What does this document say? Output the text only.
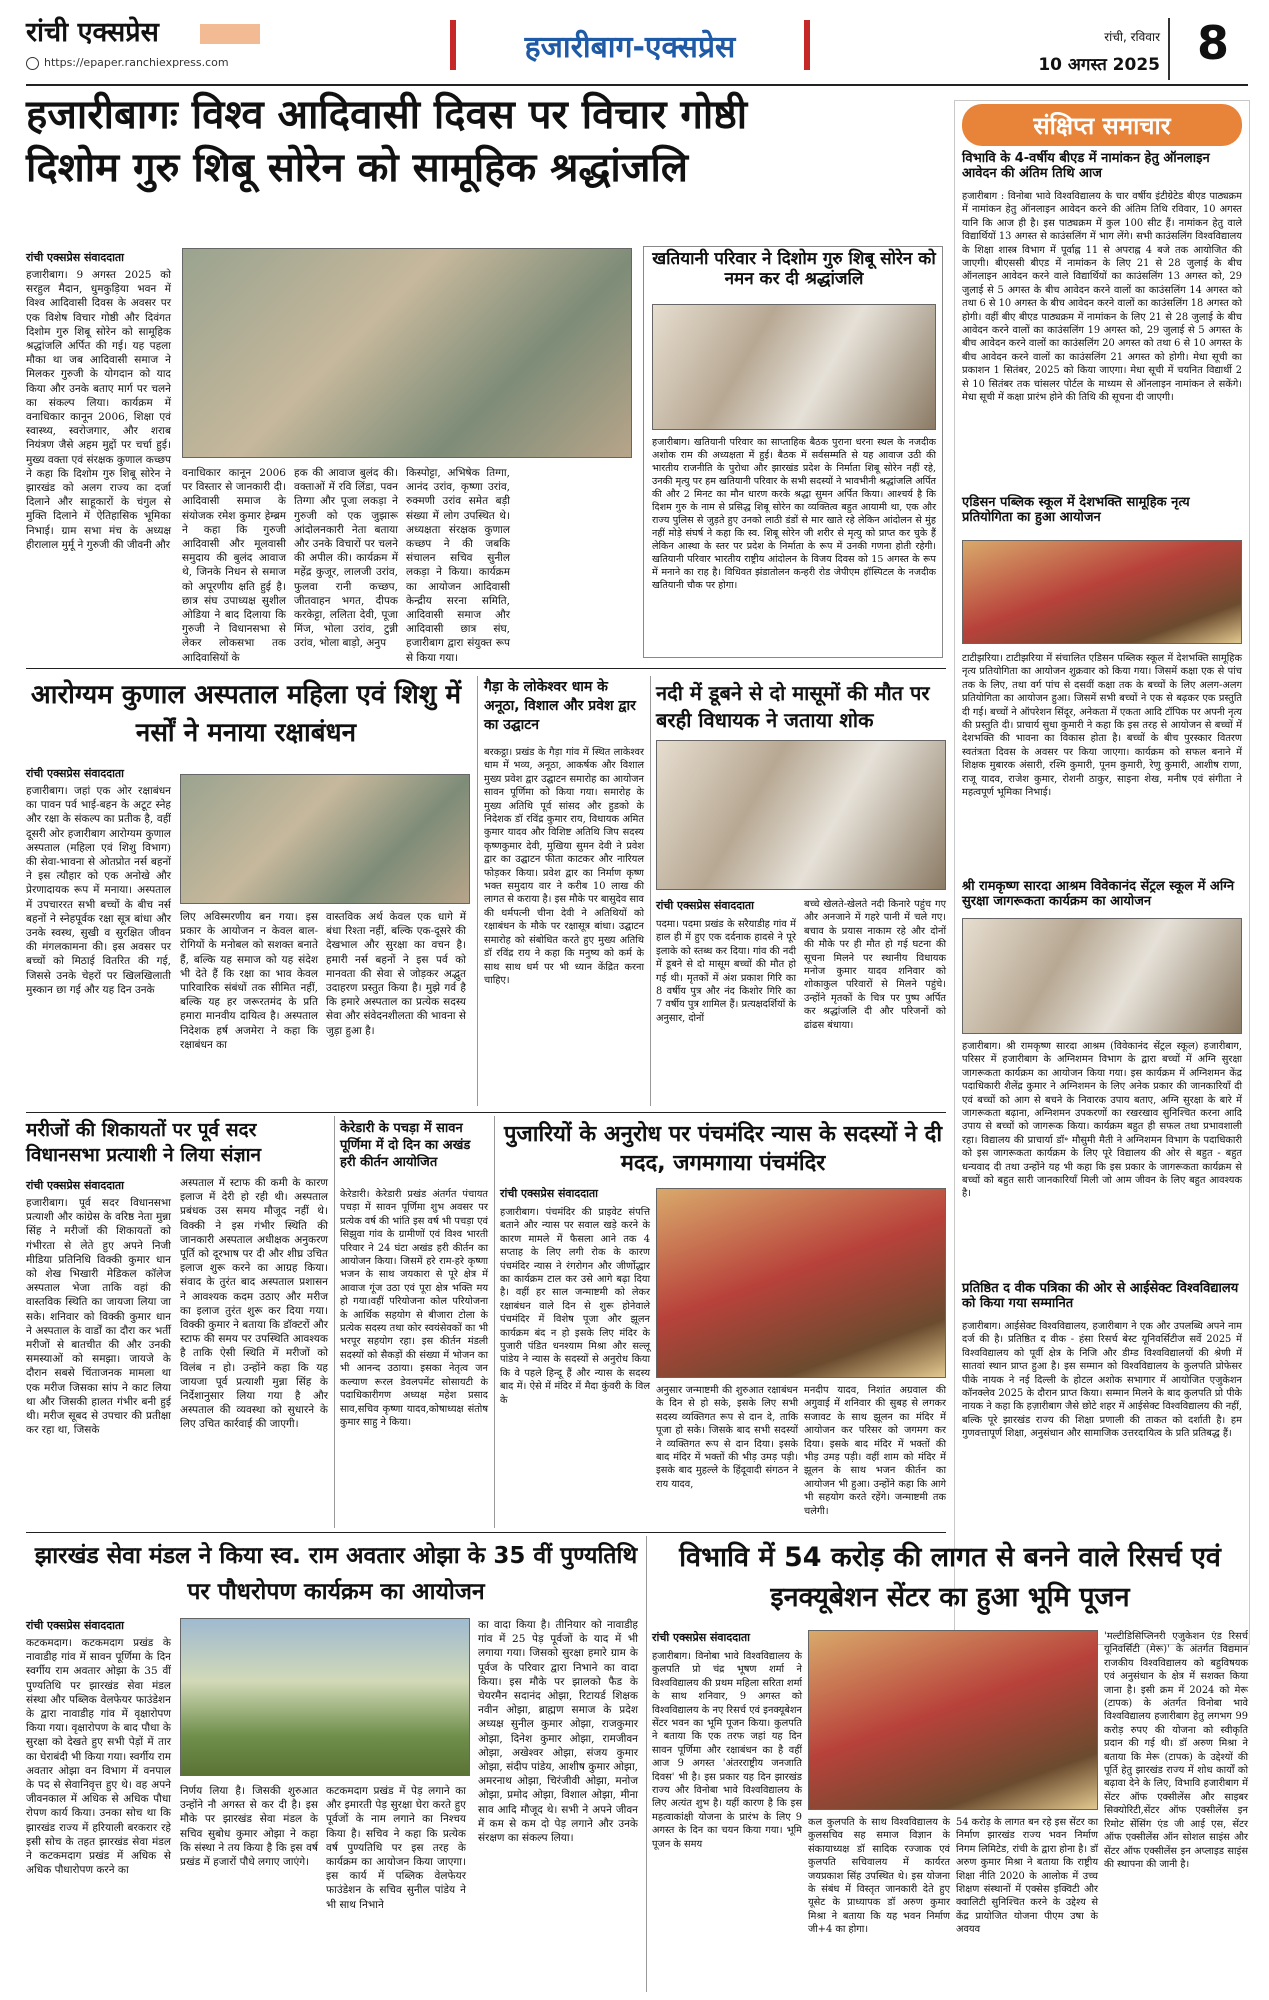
रांची एक्सप्रेस
https://epaper.ranchiexpress.com	हजारीबाग-एक्सप्रेस	रांची, रविवार
10 अगस्त 2025 8
हजारीबागः विश्व आदिवासी दिवस पर विचार गोष्ठी
दिशोम गुरु शिबू सोरेन को सामूहिक श्रद्धांजलि
रांची एक्सप्रेस संवाददाता
हजारीबाग। 9 अगस्त 2025 को सरहुल मैदान, धुमकुड़िया भवन में विश्व आदिवासी दिवस के अवसर पर एक विशेष विचार गोष्ठी और दिवंगत दिशोम गुरु शिबू सोरेन को सामूहिक श्रद्धांजलि अर्पित की गई। यह पहला मौका था जब आदिवासी समाज ने मिलकर गुरुजी के योगदान को याद किया और उनके बताए मार्ग पर चलने का संकल्प लिया। कार्यक्रम में वनाधिकार कानून 2006, शिक्षा एवं स्वास्थ्य, स्वरोजगार, और शराब नियंत्रण जैसे अहम मुद्दों पर चर्चा हुई। मुख्य वक्ता एवं संरक्षक कुणाल कच्छप ने कहा कि दिशोम गुरु शिबू सोरेन ने झारखंड को अलग राज्य का दर्जा दिलाने और साहूकारों के चंगुल से मुक्ति दिलाने में ऐतिहासिक भूमिका निभाई। ग्राम सभा मंच के अध्यक्ष हीरालाल मुर्मू ने गुरुजी की जीवनी और
वनाधिकार कानून 2006 पर विस्तार से जानकारी दी। आदिवासी समाज के संयोजक रमेश कुमार हेम्ब्रम ने कहा कि गुरुजी आदिवासी और मूलवासी समुदाय की बुलंद आवाज थे, जिनके निधन से समाज को अपूरणीय क्षति हुई है। छात्र संघ उपाध्यक्ष सुशील ओडिया ने बाद दिलाया कि गुरुजी ने विधानसभा से लेकर लोकसभा तक आदिवासियों के
हक की आवाज बुलंद की। वक्ताओं में रवि लिंडा, पवन तिग्गा और पूजा लकड़ा ने गुरुजी को एक जुझारू आंदोलनकारी नेता बताया और उनके विचारों पर चलने की अपील की। कार्यक्रम में महेंद्र कुजूर, लालजी उरांव, फुलवा रानी कच्छप, जीतवाहन भगत, दीपक करकेट्टा, ललिता देवी, पूजा मिंज, भोला उरांव, टुन्नी उरांव, भोला बाड़ो, अनुप
किस्पोट्टा, अभिषेक तिग्गा, आनंद उरांव, कृष्णा उरांव, रुक्मणी उरांव समेत बड़ी संख्या में लोग उपस्थित थे। अध्यक्षता संरक्षक कुणाल कच्छप ने की जबकि संचालन सचिव सुनील लकड़ा ने किया। कार्यक्रम का आयोजन आदिवासी केन्द्रीय सरना समिति, आदिवासी समाज और आदिवासी छात्र संघ, हजारीबाग द्वारा संयुक्त रूप से किया गया।
खतियानी परिवार ने दिशोम गुरु शिबू सोरेन को नमन कर दी श्रद्धांजलि
हजारीबाग। खतियानी परिवार का साप्ताहिक बैठक पुराना धरना स्थल के नजदीक अशोक राम की अध्यक्षता में हुई। बैठक में सर्वसम्मति से यह आवाज उठी की भारतीय राजनीति के पुरोधा और झारखंड प्रदेश के निर्माता शिबू सोरेन नहीं रहे, उनकी मृत्यु पर हम खतियानी परिवार के सभी सदस्यों ने भावभीनी श्रद्धांजलि अर्पित की और 2 मिनट का मौन धारण करके श्रद्धा सुमन अर्पित किया। आश्चर्य है कि दिशम गुरु के नाम से प्रसिद्ध शिबू सोरेन का व्यक्तित्व बहुत आयामी था, एक और राज्य पुलिस से जुड़ते हुए उनको लाठी डंडों से मार खाते रहे लेकिन आंदोलन से मुंह नहीं मोड़े संघर्ष ने कहा कि स्व. शिबू सोरेन जी शरीर से मृत्यु को प्राप्त कर चुके हैं लेकिन आस्था के स्तर पर प्रदेश के निर्माता के रूप में उनकी गणना होती रहेगी। खतियानी परिवार भारतीय राष्ट्रीय आंदोलन के विजय दिवस को 15 अगस्त के रूप में मनाने का राह है। विधिवत झंडातोलन कन्हरी रोड जेपीएम हॉस्पिटल के नजदीक खतियानी चौक पर होगा।
संक्षिप्त समाचार
विभावि के 4-वर्षीय बीएड में नामांकन हेतु ऑनलाइन आवेदन की अंतिम तिथि आज
हजारीबाग : विनोबा भावे विश्वविद्यालय के चार वर्षीय इंटीग्रेटेड बीएड पाठ्यक्रम में नामांकन हेतु ऑनलाइन आवेदन करने की अंतिम तिथि रविवार, 10 अगस्त यानि कि आज ही है। इस पाठ्यक्रम में कुल 100 सीट हैं। नामांकन हेतु वाले विद्यार्थियों 13 अगस्त से काउंसलिंग में भाग लेंगे। सभी काउंसलिंग विश्वविद्यालय के शिक्षा शास्त्र विभाग में पूर्वाह्न 11 से अपराह्न 4 बजे तक आयोजित की जाएगी। बीएससी बीएड में नामांकन के लिए 21 से 28 जुलाई के बीच ऑनलाइन आवेदन करने वाले विद्यार्थियों का काउंसलिंग 13 अगस्त को, 29 जुलाई से 5 अगस्त के बीच आवेदन करने वालों का काउंसलिंग 14 अगस्त को तथा 6 से 10 अगस्त के बीच आवेदन करने वालों का काउंसलिंग 18 अगस्त को होगी। वहीं बीए बीएड पाठ्यक्रम में नामांकन के लिए 21 से 28 जुलाई के बीच आवेदन करने वालों का काउंसलिंग 19 अगस्त को, 29 जुलाई से 5 अगस्त के बीच आवेदन करने वालों का काउंसलिंग 20 अगस्त को तथा 6 से 10 अगस्त के बीच आवेदन करने वालों का काउंसलिंग 21 अगस्त को होगी। मेधा सूची का प्रकाशन 1 सितंबर, 2025 को किया जाएगा। मेधा सूची में चयनित विद्यार्थी 2 से 10 सितंबर तक चांसलर पोर्टल के माध्यम से ऑनलाइन नामांकन ले सकेंगे। मेधा सूची में कक्षा प्रारंभ होने की तिथि की सूचना दी जाएगी।
एडिसन पब्लिक स्कूल में देशभक्ति सामूहिक नृत्य प्रतियोगिता का हुआ आयोजन
टाटीझरिया। टाटीझरिया में संचालित एडिसन पब्लिक स्कूल में देशभक्ति सामूहिक नृत्य प्रतियोगिता का आयोजन शुक्रवार को किया गया। जिसमें कक्षा एक से पांच तक के लिए, तथा वर्ग पांच से दसवीं कक्षा तक के बच्चों के लिए अलग-अलग प्रतियोगिता का आयोजन हुआ। जिसमें सभी बच्चों ने एक से बढ़कर एक प्रस्तुति दी गई। बच्चों ने ऑपरेशन सिंदूर, अनेकता में एकता आदि टॉपिक पर अपनी नृत्य की प्रस्तुति दी। प्राचार्य सुधा कुमारी ने कहा कि इस तरह से आयोजन से बच्चों में देशभक्ति की भावना का विकास होता है। बच्चों के बीच पुरस्कार वितरण स्वतंत्रता दिवस के अवसर पर किया जाएगा। कार्यक्रम को सफल बनाने में शिक्षक मुबारक अंसारी, रश्मि कुमारी, पूनम कुमारी, रेणु कुमारी, आशीष राणा, राजू यादव, राजेश कुमार, रोशनी ठाकुर, साइना शेख, मनीष एवं संगीता ने महत्वपूर्ण भूमिका निभाई।
श्री रामकृष्ण सारदा आश्रम विवेकानंद सेंट्रल स्कूल में अग्नि सुरक्षा जागरूकता कार्यक्रम का आयोजन
हजारीबाग। श्री रामकृष्ण सारदा आश्रम (विवेकानंद सेंट्रल स्कूल) हजारीबाग, परिसर में हजारीबाग के अग्निशमन विभाग के द्वारा बच्चों में अग्नि सुरक्षा जागरूकता कार्यक्रम का आयोजन किया गया। इस कार्यक्रम में अग्निशमन केंद्र पदाधिकारी शैलेंद्र कुमार ने अग्निशमन के लिए अनेक प्रकार की जानकारियाँ दी एवं बच्चों को आग से बचने के निवारक उपाय बताए, अग्नि सुरक्षा के बारे में जागरूकता बढ़ाना, अग्निशमन उपकरणों का रखरखाव सुनिश्चित करना आदि उपाय से बच्चों को जागरूक किया। कार्यक्रम बहुत ही सफल तथा प्रभावशाली रहा। विद्यालय की प्राचार्या डॉ॰ मौसुमी मैती ने अग्निशमन विभाग के पदाधिकारी को इस जागरूकता कार्यक्रम के लिए पूरे विद्यालय की ओर से बहुत - बहुत धन्यवाद दी तथा उन्होंने यह भी कहा कि इस प्रकार के जागरूकता कार्यक्रम से बच्चों को बहुत सारी जानकारियाँ मिली जो आम जीवन के लिए बहुत आवश्यक है।
प्रतिष्ठित द वीक पत्रिका की ओर से आईसेक्ट विश्वविद्यालय को किया गया सम्मानित
हजारीबाग। आईसेक्ट विश्वविद्यालय, हजारीबाग ने एक और उपलब्धि अपने नाम दर्ज की है। प्रतिष्ठित द वीक - हंसा रिसर्च बेस्ट यूनिवर्सिटीज सर्वे 2025 में विश्वविद्यालय को पूर्वी क्षेत्र के निजि और डीम्ड विश्वविद्यालयों की श्रेणी में सातवां स्थान प्राप्त हुआ है। इस सम्मान को विश्वविद्यालय के कुलपति प्रोफेसर पीके नायक ने नई दिल्ली के होटल अशोक सभागार में आयोजित एजुकेशन कॉनक्लेव 2025 के दौरान प्राप्त किया। सम्मान मिलने के बाद कुलपति प्रो पीके नायक ने कहा कि हज़ारीबाग जैसे छोटे शहर में आईसेक्ट विश्वविद्यालय की नहीं, बल्कि पूरे झारखंड राज्य की शिक्षा प्रणाली की ताकत को दर्शाती है। हम गुणवत्तापूर्ण शिक्षा, अनुसंधान और सामाजिक उत्तरदायित्व के प्रति प्रतिबद्ध हैं।
आरोग्यम कुणाल अस्पताल महिला एवं शिशु में नर्सों ने मनाया रक्षाबंधन
रांची एक्सप्रेस संवाददाता
हजारीबाग। जहां एक ओर रक्षाबंधन का पावन पर्व भाई-बहन के अटूट स्नेह और रक्षा के संकल्प का प्रतीक है, वहीं दूसरी ओर हजारीबाग आरोग्यम कुणाल अस्पताल (महिला एवं शिशु विभाग) की सेवा-भावना से ओतप्रोत नर्स बहनों ने इस त्यौहार को एक अनोखे और प्रेरणादायक रूप में मनाया। अस्पताल में उपचाररत सभी बच्चों के बीच नर्स बहनों ने स्नेहपूर्वक रक्षा सूत्र बांधा और उनके स्वस्थ, सुखी व सुरक्षित जीवन की मंगलकामना की। इस अवसर पर बच्चों को मिठाई वितरित की गई, जिससे उनके चेहरों पर खिलखिलाती मुस्कान छा गई और यह दिन उनके
लिए अविस्मरणीय बन गया। इस प्रकार के आयोजन न केवल बाल-रोगियों के मनोबल को सशक्त बनाते हैं, बल्कि यह समाज को यह संदेश भी देते हैं कि रक्षा का भाव केवल पारिवारिक संबंधों तक सीमित नहीं, बल्कि यह हर जरूरतमंद के प्रति हमारा मानवीय दायित्व है। अस्पताल निदेशक हर्ष अजमेरा ने कहा कि रक्षाबंधन का
वास्तविक अर्थ केवल एक धागे में बंधा रिश्ता नहीं, बल्कि एक-दूसरे की देखभाल और सुरक्षा का वचन है। हमारी नर्स बहनों ने इस पर्व को मानवता की सेवा से जोड़कर अद्भुत उदाहरण प्रस्तुत किया है। मुझे गर्व है कि हमारे अस्पताल का प्रत्येक सदस्य सेवा और संवेदनशीलता की भावना से जुड़ा हुआ है।
गैड़ा के लोकेश्वर धाम के अनूठा, विशाल और प्रवेश द्वार का उद्घाटन
बरकट्ठा। प्रखंड के गैड़ा गांव में स्थित लाकेश्वर धाम में भव्य, अनूठा, आकर्षक और विशाल मुख्य प्रवेश द्वार उद्घाटन समारोह का आयोजन सावन पूर्णिमा को किया गया। समारोह के मुख्य अतिथि पूर्व सांसद और हुडको के निदेशक डॉ रविंद्र कुमार राय, विधायक अमित कुमार यादव और विशिष्ट अतिथि जिप सदस्य कृष्णकुमार देवी, मुखिया सुमन देवी ने प्रवेश द्वार का उद्घाटन फीता काटकर और नारियल फोड़कर किया। प्रवेश द्वार का निर्माण कृष्ण भक्त समुदाय वार ने करीब 10 लाख की लागत से कराया है। इस मौके पर बासुदेव साव की धर्मपत्नी चीना देवी ने अतिथियों को रक्षाबंधन के मौके पर रक्षासूत्र बांधा। उद्घाटन समारोह को संबोधित करते हुए मुख्य अतिथि डॉ रविंद्र राय ने कहा कि मनुष्य को कर्म के साथ साथ धर्म पर भी ध्यान केंद्रित करना चाहिए।
नदी में डूबने से दो मासूमों की मौत पर बरही विधायक ने जताया शोक
रांची एक्सप्रेस संवाददाता
पदमा। पदमा प्रखंड के सरैयाडीह गांव में हाल ही में हुए एक दर्दनाक हादसे ने पूरे इलाके को स्तब्ध कर दिया। गांव की नदी में डूबने से दो मासूम बच्चों की मौत हो गई थी। मृतकों में अंश प्रकाश गिरि का 8 वर्षीय पुत्र और नंद किशोर गिरि का 7 वर्षीय पुत्र शामिल हैं। प्रत्यक्षदर्शियों के अनुसार, दोनों
बच्चे खेलते-खेलते नदी किनारे पहुंच गए और अनजाने में गहरे पानी में चले गए। बचाव के प्रयास नाकाम रहे और दोनों की मौके पर ही मौत हो गई घटना की सूचना मिलने पर स्थानीय विधायक मनोज कुमार यादव शनिवार को शोकाकुल परिवारों से मिलने पहुंचे। उन्होंने मृतकों के चित्र पर पुष्प अर्पित कर श्रद्धांजलि दी और परिजनों को ढांढस बंधाया।
मरीजों की शिकायतों पर पूर्व सदर विधानसभा प्रत्याशी ने लिया संज्ञान
रांची एक्सप्रेस संवाददाता
हजारीबाग। पूर्व सदर विधानसभा प्रत्याशी और कांग्रेस के वरिष्ठ नेता मुन्ना सिंह ने मरीजों की शिकायतों को गंभीरता से लेते हुए अपने निजी मीडिया प्रतिनिधि विक्की कुमार धान को शेख भिखारी मेडिकल कॉलेज अस्पताल भेजा ताकि वहां की वास्तविक स्थिति का जायजा लिया जा सके। शनिवार को विक्की कुमार धान ने अस्पताल के वार्डों का दौरा कर भर्ती मरीजों से बातचीत की और उनकी समस्याओं को समझा। जायजे के दौरान सबसे चिंताजनक मामला था एक मरीज जिसका सांप ने काट लिया था और जिसकी हालत गंभीर बनी हुई थी। मरीज सूबद से उपचार की प्रतीक्षा कर रहा था, जिसके
अस्पताल में स्टाफ की कमी के कारण इलाज में देरी हो रही थी। अस्पताल प्रबंधक उस समय मौजूद नहीं थे। विक्की ने इस गंभीर स्थिति की जानकारी अस्पताल अधीक्षक अनुकरण पूर्ति को दूरभाष पर दी और शीघ्र उचित इलाज शुरू करने का आग्रह किया। संवाद के तुरंत बाद अस्पताल प्रशासन ने आवश्यक कदम उठाए और मरीज का इलाज तुरंत शुरू कर दिया गया। विक्की कुमार ने बताया कि डॉक्टरों और स्टाफ की समय पर उपस्थिति आवश्यक है ताकि ऐसी स्थिति में मरीजों को विलंब न हो। उन्होंने कहा कि यह जायजा पूर्व प्रत्याशी मुन्ना सिंह के निर्देशानुसार लिया गया है और अस्पताल की व्यवस्था को सुधारने के लिए उचित कार्रवाई की जाएगी।
केरेडारी के पचड़ा में सावन पूर्णिमा में दो दिन का अखंड हरी कीर्तन आयोजित
केरेडारी। केरेडारी प्रखंड अंतर्गत पंचायत पचड़ा में सावन पूर्णिमा शुभ अवसर पर प्रत्येक वर्ष की भांति इस वर्ष भी पचड़ा एवं सिझुवा गांव के ग्रामीणों एवं विश्व भारती परिवार ने 24 घंटा अखंड हरी कीर्तन का आयोजन किया। जिसमें हरे राम-हरे कृष्णा भजन के साथ जयकारा से पूरे क्षेत्र में आवाज गूंज उठा एवं पूरा क्षेत्र भक्ति मय हो गया।वहीं परियोजना कोल परियोजना के आर्थिक सहयोग से बीजारा टोला के प्रत्येक सदस्य तथा कोर स्वयंसेवकों का भी भरपूर सहयोग रहा। इस कीर्तन मंडली सदस्यों को सैकड़ों की संख्या में भोजन का भी आनन्द उठाया। इसका नेतृत्व जन कल्याण रूरल डेवलपमेंट सोसायटी के पदाधिकारीगण अध्यक्ष महेश प्रसाद साव,सचिव कृष्णा यादव,कोषाध्यक्ष संतोष कुमार साहु ने किया।
पुजारियों के अनुरोध पर पंचमंदिर न्यास के सदस्यों ने दी मदद, जगमगाया पंचमंदिर
रांची एक्सप्रेस संवाददाता
हजारीबाग। पंचमंदिर की प्राइवेट संपत्ति बताने और न्यास पर सवाल खड़े करने के कारण मामले में फैसला आने तक 4 सप्ताह के लिए लगी रोक के कारण पंचमंदिर न्यास ने रंगरोगन और जीर्णोद्धार का कार्यक्रम टाल कर उसे आगे बढ़ा दिया है। वहीं हर साल जन्माष्टमी को लेकर रक्षाबंधन वाले दिन से शुरू होनेवाले पंचमंदिर में विशेष पूजा और झूलन कार्यक्रम बंद न हो इसके लिए मंदिर के पुजारी पंडित धनश्याम मिश्रा और सल्लू पांडेय ने न्यास के सदस्यों से अनुरोध किया कि वे पहले हिन्दू हैं और न्यास के सदस्य बाद में। ऐसे में मंदिर में मैदा कुंवरी के विल के
अनुसार जन्माष्टमी की शुरुआत रक्षाबंधन के दिन से हो सके, इसके लिए सभी सदस्य व्यक्तिगत रूप से दान दे, ताकि पूजा हो सके। जिसके बाद सभी सदस्यों ने व्यक्तिगत रूप से दान दिया। इसके बाद मंदिर में भक्तों की भीड़ उमड़ पड़ी। इसके बाद मुहल्ले के हिंदूवादी संगठन ने राय यादव,
मनदीप यादव, निशांत अग्रवाल की अगुवाई में शनिवार की सुबह से लगकर सजावट के साथ झूलन का मंदिर में आयोजन कर परिसर को जगमग कर दिया। इसके बाद मंदिर में भक्तों की भीड़ उमड़ पड़ी। वहीं शाम को मंदिर में झूलन के साथ भजन कीर्तन का आयोजन भी हुआ। उन्होंने कहा कि आगे भी सहयोग करते रहेंगे। जन्माष्टमी तक चलेगी।
झारखंड सेवा मंडल ने किया स्व. राम अवतार ओझा के 35 वीं पुण्यतिथि पर पौधरोपण कार्यक्रम का आयोजन
रांची एक्सप्रेस संवाददाता
कटकमदाग। कटकमदाग प्रखंड के नावाडीह गांव में सावन पूर्णिमा के दिन स्वर्गीय राम अवतार ओझा के 35 वीं पुण्यतिथि पर झारखंड सेवा मंडल संस्था और पब्लिक वेलफेयर फाउंडेशन के द्वारा नावाडीह गांव में वृक्षारोपण किया गया। वृक्षारोपण के बाद पौधा के सुरक्षा को देखते हुए सभी पेड़ों में तार का घेराबंदी भी किया गया। स्वर्गीय राम अवतार ओझा वन विभाग में वनपाल के पद से सेवानिवृत्त हुए थे। वह अपने जीवनकाल में अधिक से अधिक पौधा रोपण कार्य किया। उनका सोच था कि झारखंड राज्य में हरियाली बरकरार रहे इसी सोच के तहत झारखंड सेवा मंडल ने कटकमदाग प्रखंड में अधिक से अधिक पौधारोपण करने का
निर्णय लिया है। जिसकी शुरुआत उन्होंने नौ अगस्त से कर दी है। इस मौके पर झारखंड सेवा मंडल के सचिव सुबोध कुमार ओझा ने कहा कि संस्था ने तय किया है कि इस वर्ष प्रखंड में हजारों पौधे लगाए जाएंगे।
कटकमदाग प्रखंड में पेड़ लगाने का और इमारती पेड़ सुरक्षा घेरा करते हुए पूर्वजों के नाम लगाने का निश्चय किया है। सचिव ने कहा कि प्रत्येक वर्ष पुण्यतिथि पर इस तरह के कार्यक्रम का आयोजन किया जाएगा। इस कार्य में पब्लिक वेलफेयर फाउंडेशन के सचिव सुनील पांडेय ने भी साथ निभाने
का वादा किया है। तीनियार को नावाडीह गांव में 25 पेड़ पूर्वजों के याद में भी लगाया गया। जिसको सुरक्षा हमारे ग्राम के पूर्वज के परिवार द्वारा निभाने का वादा किया। इस मौके पर झालको फैड के चेयरमैन सदानंद ओझा, रिटायर्ड शिक्षक नवीन ओझा, ब्राह्मण समाज के प्रदेश अध्यक्ष सुनील कुमार ओझा, राजकुमार ओझा, दिनेश कुमार ओझा, रामजीवन ओझा, अखेश्वर ओझा, संजय कुमार ओझा, संदीप पांडेय, आशीष कुमार ओझा, अमरनाथ ओझा, चिरंजीवी ओझा, मनोज ओझा, प्रमोद ओझा, विशाल ओझा, मीना साव आदि मौजूद थे। सभी ने अपने जीवन में कम से कम दो पेड़ लगाने और उनके संरक्षण का संकल्प लिया।
विभावि में 54 करोड़ की लागत से बनने वाले रिसर्च एवं इनक्यूबेशन सेंटर का हुआ भूमि पूजन
रांची एक्सप्रेस संवाददाता
हजारीबाग। विनोबा भावे विश्वविद्यालय के कुलपति प्रो चंद्र भूषण शर्मा ने विश्वविद्यालय की प्रथम महिला सरिता शर्मा के साथ शनिवार, 9 अगस्त को विश्वविद्यालय के नए रिसर्च एवं इनक्यूबेशन सेंटर भवन का भूमि पूजन किया। कुलपति ने बताया कि एक तरफ जहां यह दिन सावन पूर्णिमा और रक्षाबंधन का है वहीं आज 9 अगस्त 'अंतरराष्ट्रीय जनजाति दिवस' भी है। इस प्रकार यह दिन झारखंड राज्य और विनोबा भावे विश्वविद्यालय के लिए अत्यंत शुभ है। यहीं कारण है कि इस महत्वाकांक्षी योजना के प्रारंभ के लिए 9 अगस्त के दिन का चयन किया गया। भूमि पूजन के समय
कल कुलपति के साथ विश्वविद्यालय के कुलसचिव सह समाज विज्ञान के संकायाध्यक्ष डॉ सादिक रज्जाक एवं कुलपति सचिवालय में कार्यरत जयप्रकाश सिंह उपस्थित थे। इस योजना के संबंध में विस्तृत जानकारी देते हुए यूसेट के प्राध्यापक डॉ अरुण कुमार मिश्रा ने बताया कि यह भवन निर्माण जी+4 का होगा।
54 करोड़ के लागत बन रहे इस सेंटर का निर्माण झारखंड राज्य भवन निर्माण निगम लिमिटेड, रांची के द्वारा होना है। डॉ अरुण कुमार मिश्रा ने बताया कि राष्ट्रीय शिक्षा नीति 2020 के आलोक में उच्च शिक्षण संस्थानों में एक्सेस इक्विटी और क्वालिटी सुनिश्चित करने के उद्देश्य से केंद्र प्रायोजित योजना पीएम उषा के अवयव
'मल्टीडिसिप्लिनरी एजुकेशन एंड रिसर्च यूनिवर्सिटी (मेरू)' के अंतर्गत विद्यमान राजकीय विश्वविद्यालय को बहुविषयक एवं अनुसंधान के क्षेत्र में सशक्त किया जाना है। इसी क्रम में 2024 को मेरू (टापक) के अंतर्गत विनोबा भावे विश्वविद्यालय हजारीबाग हेतु लगभग 99 करोड़ रुपए की योजना को स्वीकृति प्रदान की गई थी। डॉ अरुण मिश्रा ने बताया कि मेरू (टापक) के उद्देश्यों की पूर्ति हेतु झारखंड राज्य में शोध कार्यों को बढ़ावा देने के लिए, विभावि हजारीबाग में सेंटर ऑफ एक्सीलेंस और साइबर सिक्योरिटी,सेंटर ऑफ एक्सीलेंस इन रिमोट सेंसिंग एंड जी आई एस, सेंटर ऑफ एक्सीलेंस ऑन सोशल साइंस और सेंटर ऑफ एक्सीलेंस इन अप्लाइड साइंस की स्थापना की जानी है।
